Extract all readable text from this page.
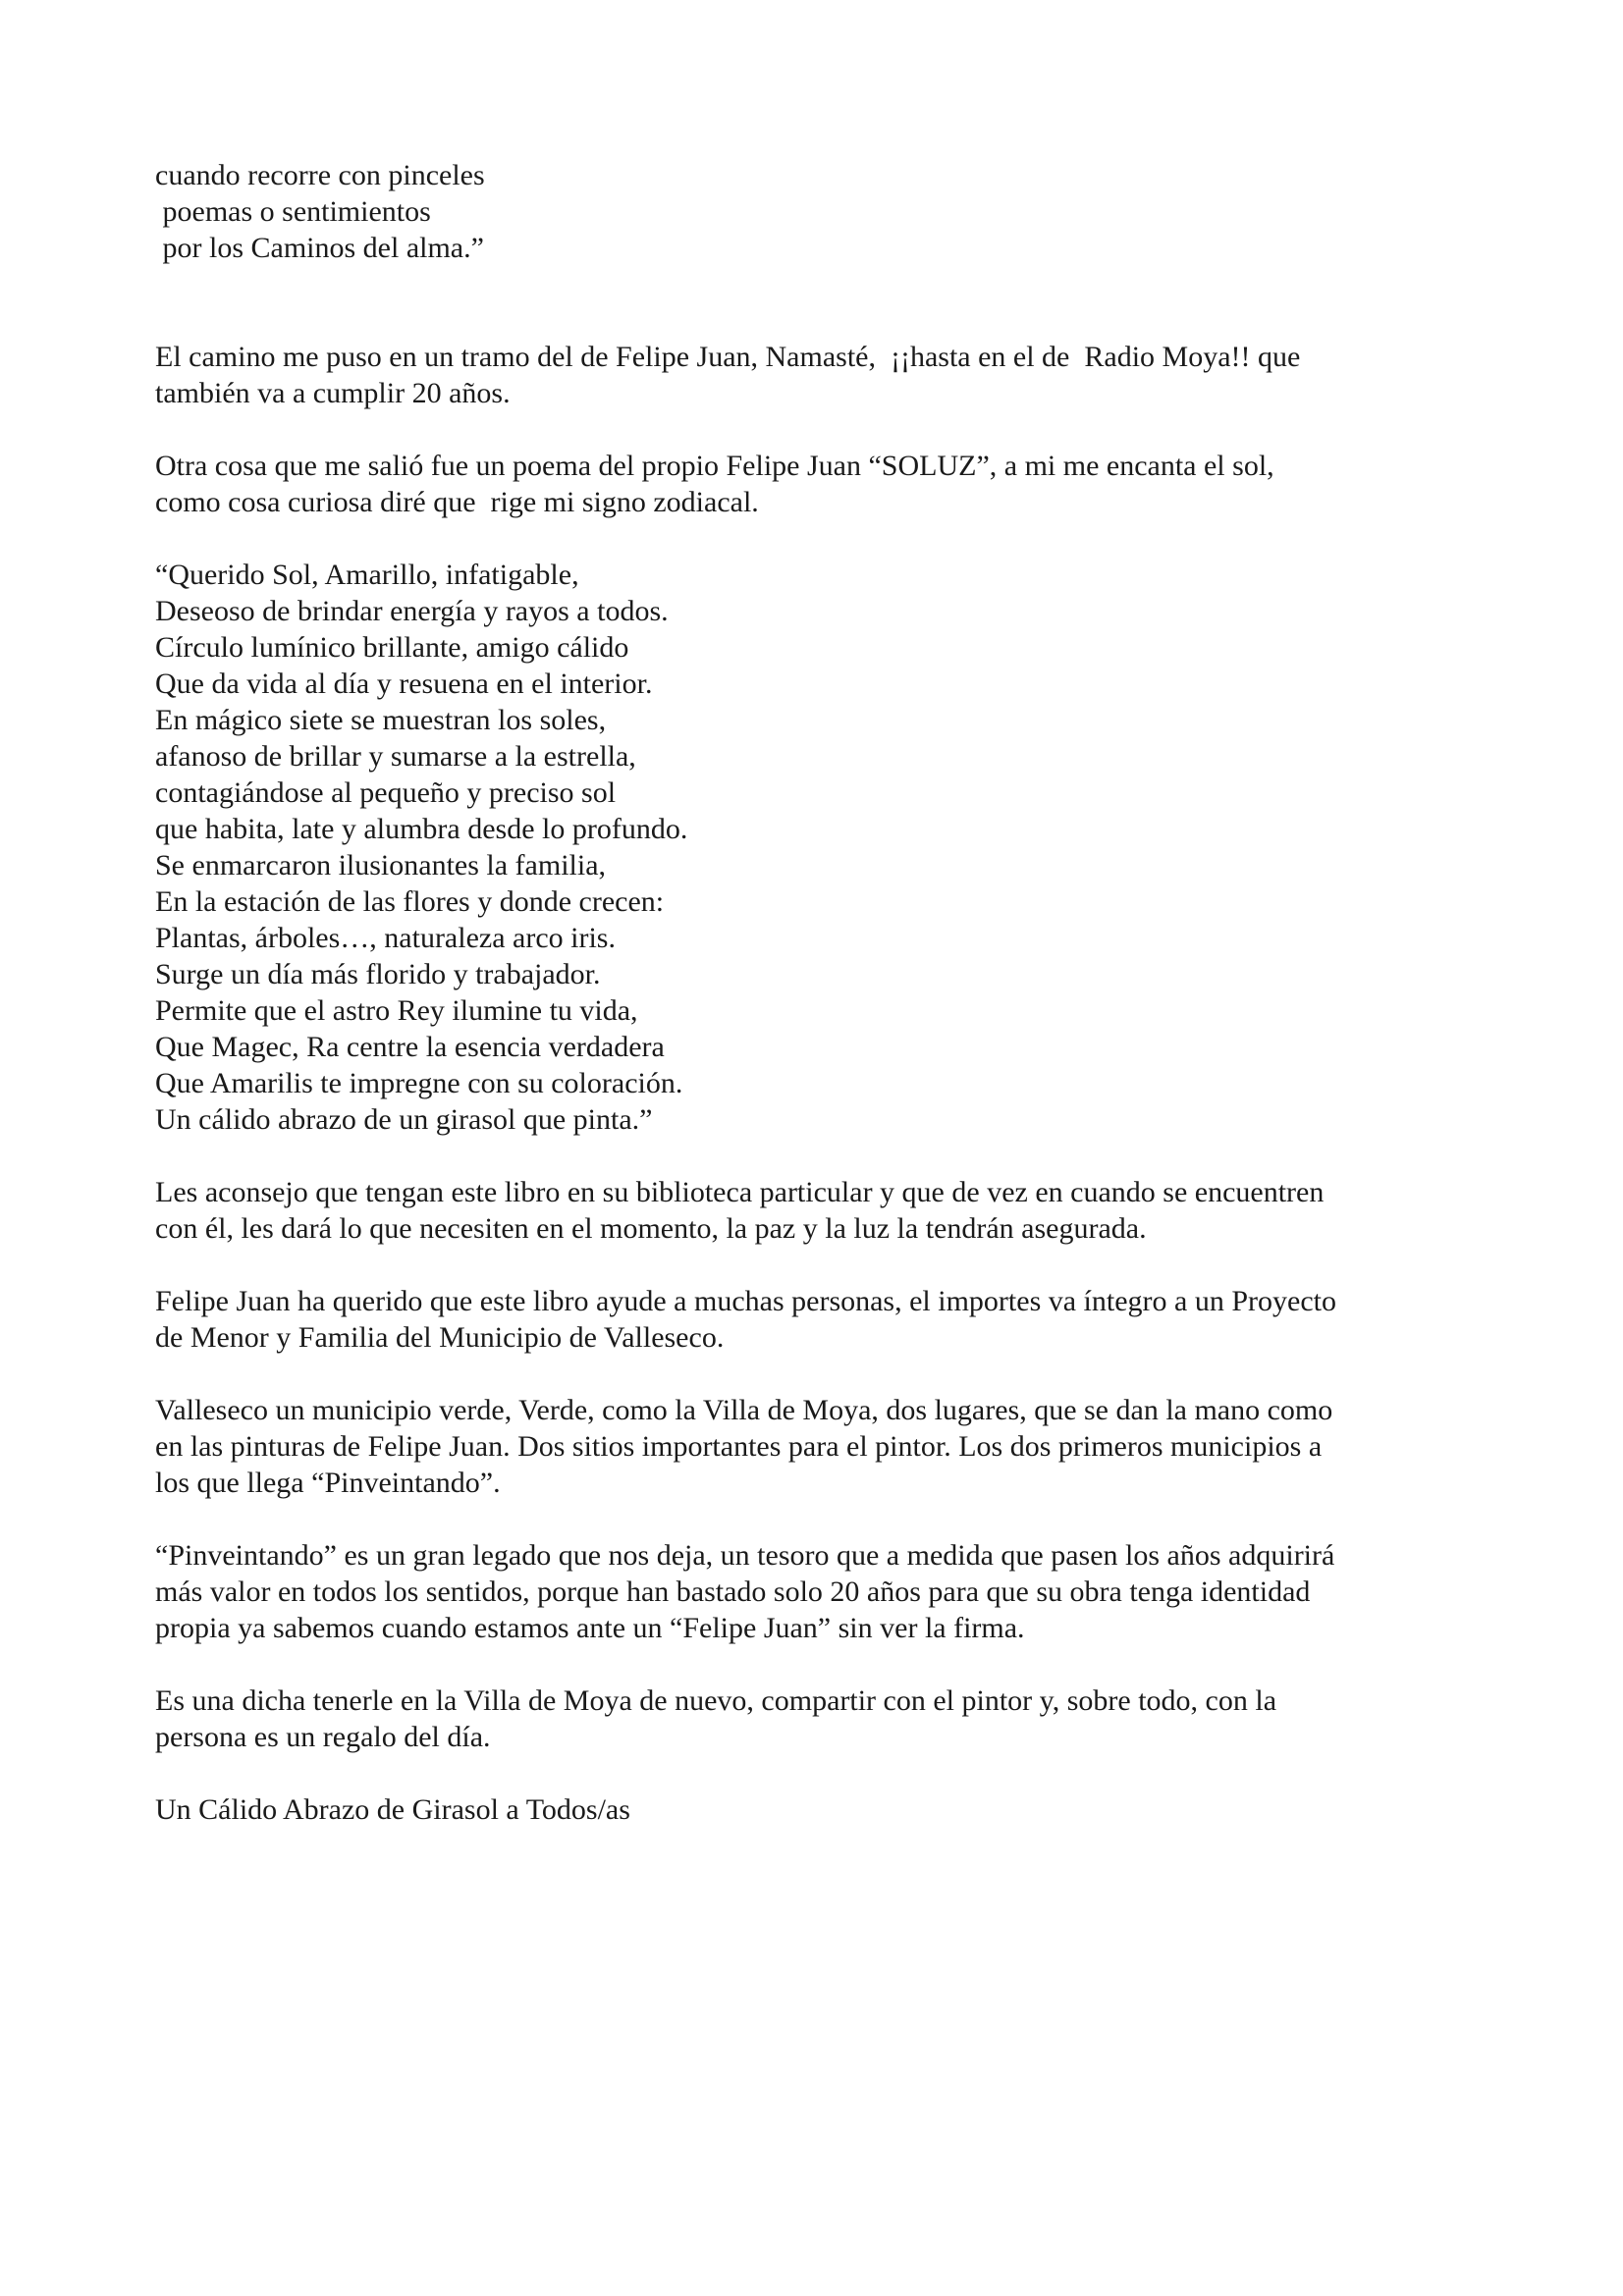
cuando recorre con pinceles

poemas o sentimientos

por los Caminos del alma.”

El camino me puso en un tramo del de Felipe Juan, Namasté,  ¡¡hasta en el de  Radio Moya!! que

también va a cumplir 20 años.

Otra cosa que me salió fue un poema del propio Felipe Juan “SOLUZ”, a mi me encanta el sol,

como cosa curiosa diré que  rige mi signo zodiacal.

“Querido Sol, Amarillo, infatigable,

Deseoso de brindar energía y rayos a todos.

Círculo lumínico brillante, amigo cálido

Que da vida al día y resuena en el interior.

En mágico siete se muestran los soles,

afanoso de brillar y sumarse a la estrella,

contagiándose al pequeño y preciso sol

que habita, late y alumbra desde lo profundo.

Se enmarcaron ilusionantes la familia,

En la estación de las flores y donde crecen:

Plantas, árboles…, naturaleza arco iris.

Surge un día más florido y trabajador.

Permite que el astro Rey ilumine tu vida,

Que Magec, Ra centre la esencia verdadera

Que Amarilis te impregne con su coloración.

Un cálido abrazo de un girasol que pinta.”

Les aconsejo que tengan este libro en su biblioteca particular y que de vez en cuando se encuentren

con él, les dará lo que necesiten en el momento, la paz y la luz la tendrán asegurada.

Felipe Juan ha querido que este libro ayude a muchas personas, el importes va íntegro a un Proyecto

de Menor y Familia del Municipio de Valleseco.

Valleseco un municipio verde, Verde, como la Villa de Moya, dos lugares, que se dan la mano como

en las pinturas de Felipe Juan. Dos sitios importantes para el pintor. Los dos primeros municipios a

los que llega “Pinveintando”.

“Pinveintando” es un gran legado que nos deja, un tesoro que a medida que pasen los años adquirirá

más valor en todos los sentidos, porque han bastado solo 20 años para que su obra tenga identidad

propia ya sabemos cuando estamos ante un “Felipe Juan” sin ver la firma.

Es una dicha tenerle en la Villa de Moya de nuevo, compartir con el pintor y, sobre todo, con la

persona es un regalo del día.

Un Cálido Abrazo de Girasol a Todos/as
